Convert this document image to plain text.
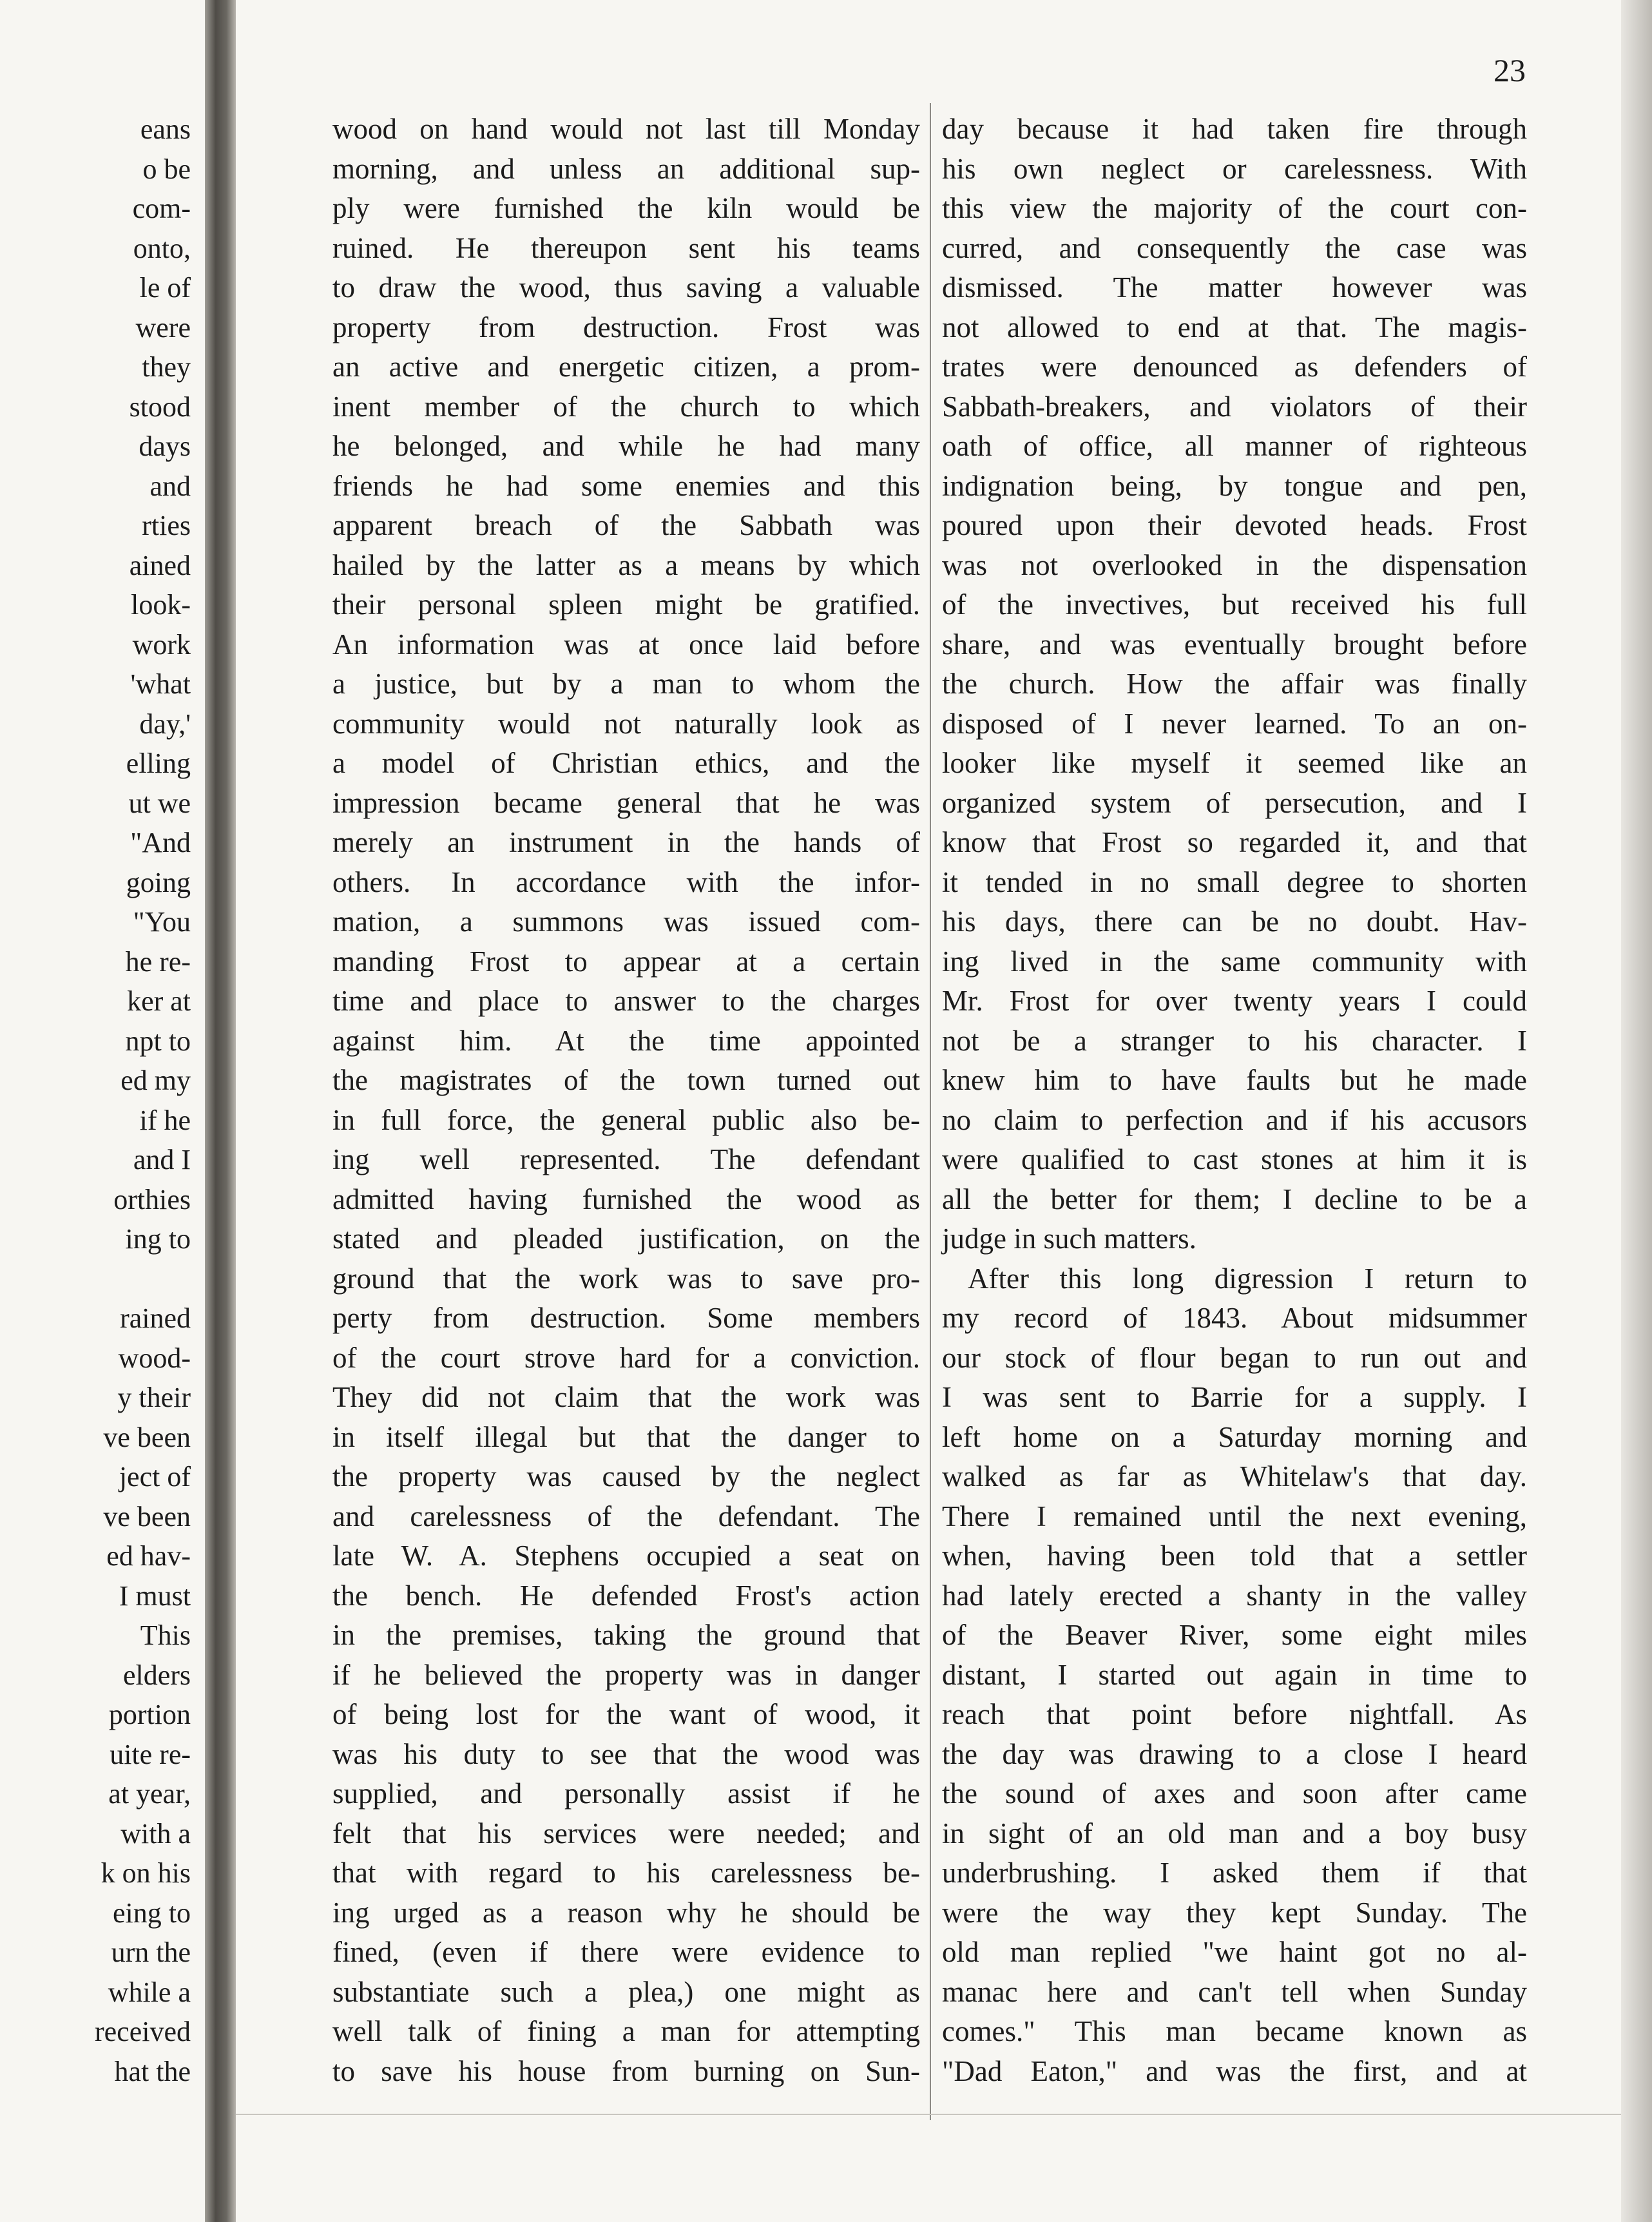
eans
o be
com-
onto,
le of
were
they
stood
days
and
rties
ained
look-
work
'what
day,'
elling
ut we
"And
going
"You
he re-
ker at
npt to
ed my
if he
and I
orthies
ing to
rained
wood-
y their
ve been
ject of
ve been
ed hav-
I must
This
elders
portion
uite re-
at year,
with a
k on his
eing to
urn the
while a
received
hat the
23
wood on hand would not last till Monday
morning, and unless an additional sup-
ply were furnished the kiln would be
ruined. He thereupon sent his teams
to draw the wood, thus saving a valuable
property from destruction. Frost was
an active and energetic citizen, a prom-
inent member of the church to which
he belonged, and while he had many
friends he had some enemies and this
apparent breach of the Sabbath was
hailed by the latter as a means by which
their personal spleen might be gratified.
An information was at once laid before
a justice, but by a man to whom the
community would not naturally look as
a model of Christian ethics, and the
impression became general that he was
merely an instrument in the hands of
others. In accordance with the infor-
mation, a summons was issued com-
manding Frost to appear at a certain
time and place to answer to the charges
against him. At the time appointed
the magistrates of the town turned out
in full force, the general public also be-
ing well represented. The defendant
admitted having furnished the wood as
stated and pleaded justification, on the
ground that the work was to save pro-
perty from destruction. Some members
of the court strove hard for a conviction.
They did not claim that the work was
in itself illegal but that the danger to
the property was caused by the neglect
and carelessness of the defendant. The
late W. A. Stephens occupied a seat on
the bench. He defended Frost's action
in the premises, taking the ground that
if he believed the property was in danger
of being lost for the want of wood, it
was his duty to see that the wood was
supplied, and personally assist if he
felt that his services were needed; and
that with regard to his carelessness be-
ing urged as a reason why he should be
fined, (even if there were evidence to
substantiate such a plea,) one might as
well talk of fining a man for attempting
to save his house from burning on Sun-
day because it had taken fire through
his own neglect or carelessness. With
this view the majority of the court con-
curred, and consequently the case was
dismissed. The matter however was
not allowed to end at that. The magis-
trates were denounced as defenders of
Sabbath-breakers, and violators of their
oath of office, all manner of righteous
indignation being, by tongue and pen,
poured upon their devoted heads. Frost
was not overlooked in the dispensation
of the invectives, but received his full
share, and was eventually brought before
the church. How the affair was finally
disposed of I never learned. To an on-
looker like myself it seemed like an
organized system of persecution, and I
know that Frost so regarded it, and that
it tended in no small degree to shorten
his days, there can be no doubt. Hav-
ing lived in the same community with
Mr. Frost for over twenty years I could
not be a stranger to his character. I
knew him to have faults but he made
no claim to perfection and if his accusors
were qualified to cast stones at him it is
all the better for them; I decline to be a
judge in such matters.
After this long digression I return to
my record of 1843. About midsummer
our stock of flour began to run out and
I was sent to Barrie for a supply. I
left home on a Saturday morning and
walked as far as Whitelaw's that day.
There I remained until the next evening,
when, having been told that a settler
had lately erected a shanty in the valley
of the Beaver River, some eight miles
distant, I started out again in time to
reach that point before nightfall. As
the day was drawing to a close I heard
the sound of axes and soon after came
in sight of an old man and a boy busy
underbrushing. I asked them if that
were the way they kept Sunday. The
old man replied "we haint got no al-
manac here and can't tell when Sunday
comes." This man became known as
"Dad Eaton," and was the first, and at
